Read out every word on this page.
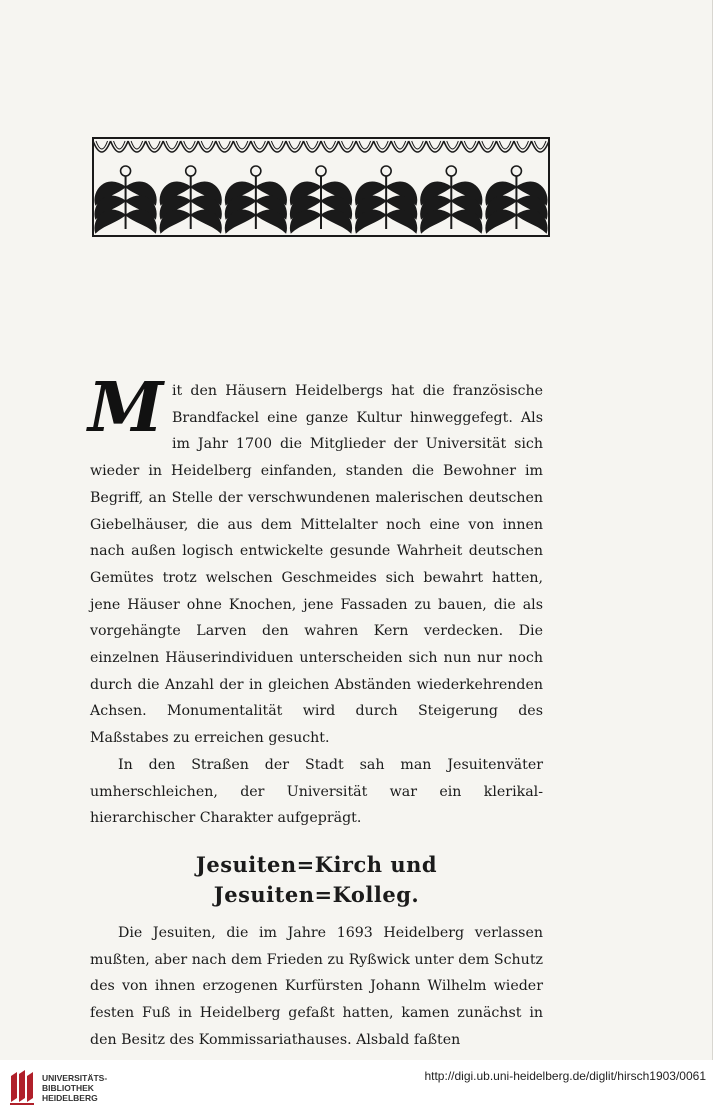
Mit den Häusern Heidelbergs hat die französische Brandfackel eine ganze Kultur hinweggefegt. Als im Jahr 1700 die Mitglieder der Universität sich wieder in Heidelberg einfanden, standen die Bewohner im Begriff, an Stelle der verschwundenen malerischen deutschen Giebelhäuser, die aus dem Mittelalter noch eine von innen nach außen logisch entwickelte gesunde Wahrheit deutschen Gemütes trotz welschen Geschmeides sich bewahrt hatten, jene Häuser ohne Knochen, jene Fassaden zu bauen, die als vorgehängte Larven den wahren Kern verdecken. Die einzelnen Häuserindividuen unterscheiden sich nun nur noch durch die Anzahl der in gleichen Abständen wiederkehrenden Achsen. Monumentalität wird durch Steigerung des Maßstabes zu erreichen gesucht.

In den Straßen der Stadt sah man Jesuitenväter umherschleichen, der Universität war ein klerikal-hierarchischer Charakter aufgeprägt.

Jesuiten=Kirch und Jesuiten=Kolleg.

Die Jesuiten, die im Jahre 1693 Heidelberg verlassen mußten, aber nach dem Frieden zu Ryßwick unter dem Schutz des von ihnen erzogenen Kurfürsten Johann Wilhelm wieder festen Fuß in Heidelberg gefaßt hatten, kamen zunächst in den Besitz des Kommissariathauses. Alsbald faßten

UNIVERSITÄTS-
BIBLIOTHEK
HEIDELBERG
http://digi.ub.uni-heidelberg.de/diglit/hirsch1903/0061
